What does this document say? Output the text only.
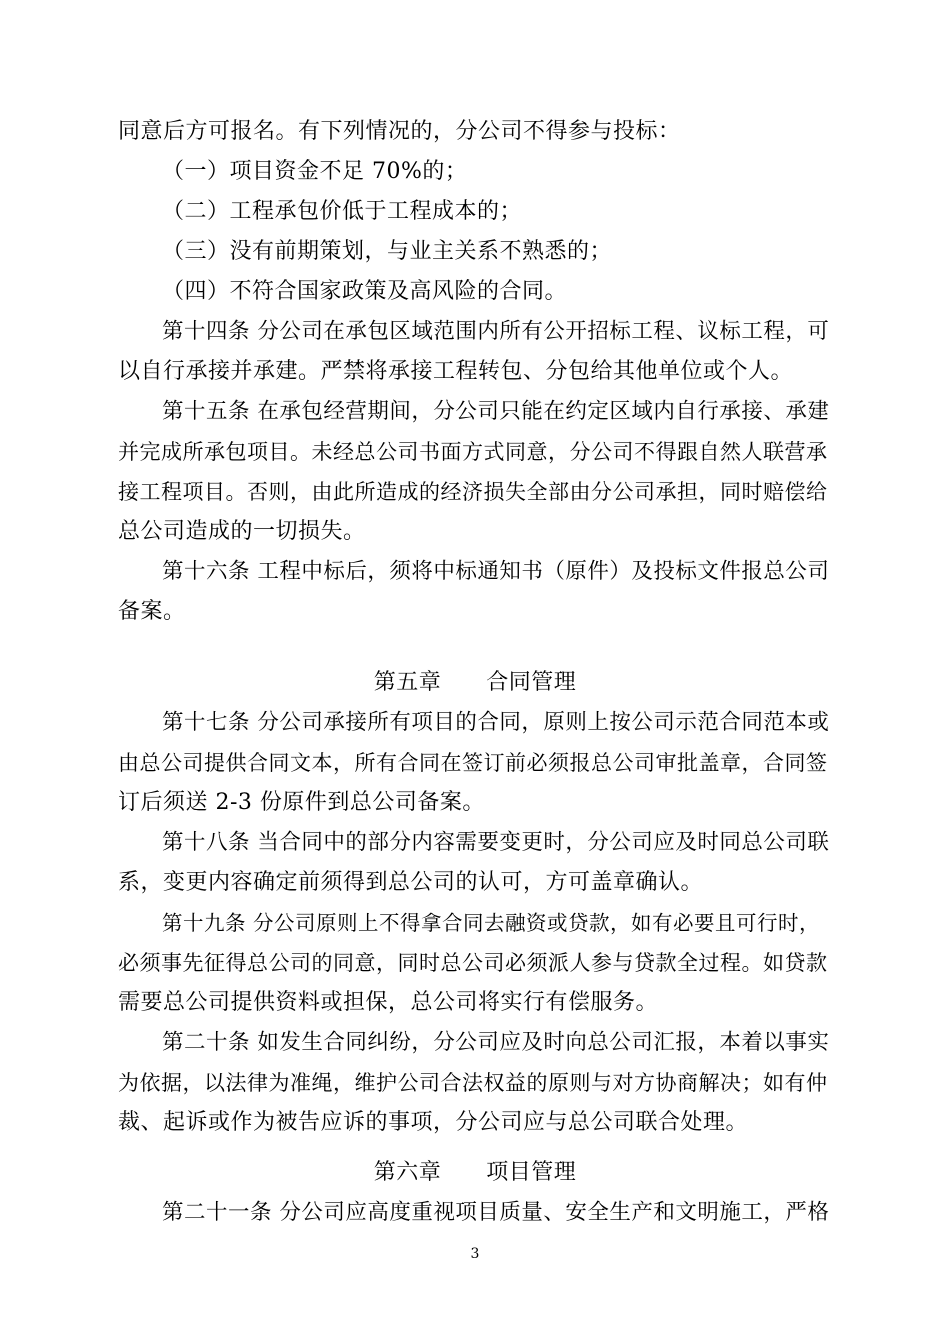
同意后方可报名。有下列情况的，分公司不得参与投标：
（一）项目资金不足 70%的；
（二）工程承包价低于工程成本的；
（三）没有前期策划，与业主关系不熟悉的；
（四）不符合国家政策及高风险的合同。
第十四条 分公司在承包区域范围内所有公开招标工程、议标工程，可
以自行承接并承建。严禁将承接工程转包、分包给其他单位或个人。
第十五条 在承包经营期间，分公司只能在约定区域内自行承接、承建
并完成所承包项目。未经总公司书面方式同意，分公司不得跟自然人联营承
接工程项目。否则，由此所造成的经济损失全部由分公司承担，同时赔偿给
总公司造成的一切损失。
第十六条 工程中标后，须将中标通知书（原件）及投标文件报总公司
备案。
第五章　　合同管理
第十七条 分公司承接所有项目的合同，原则上按公司示范合同范本或
由总公司提供合同文本，所有合同在签订前必须报总公司审批盖章，合同签
订后须送 2-3 份原件到总公司备案。
第十八条 当合同中的部分内容需要变更时，分公司应及时同总公司联
系，变更内容确定前须得到总公司的认可，方可盖章确认。
第十九条 分公司原则上不得拿合同去融资或贷款，如有必要且可行时，
必须事先征得总公司的同意，同时总公司必须派人参与贷款全过程。如贷款
需要总公司提供资料或担保，总公司将实行有偿服务。
第二十条 如发生合同纠纷，分公司应及时向总公司汇报，本着以事实
为依据，以法律为准绳，维护公司合法权益的原则与对方协商解决；如有仲
裁、起诉或作为被告应诉的事项，分公司应与总公司联合处理。
第六章　　项目管理
第二十一条 分公司应高度重视项目质量、安全生产和文明施工，严格
3
